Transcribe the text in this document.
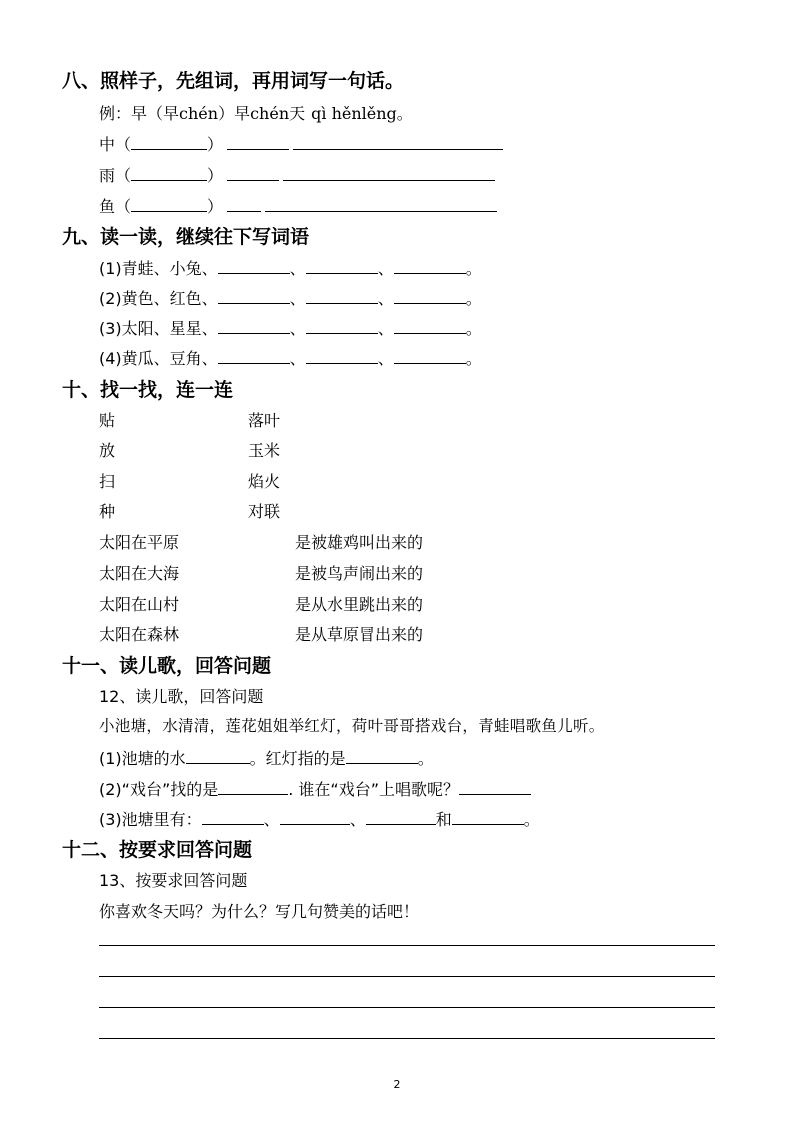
八、照样子，先组词，再用词写一句话。
例：早（早chén）早chén天 qì hěnlěng。
中（	）
雨（	）
鱼（	）
九、读一读，继续往下写词语
(1)青蛙、小兔、	、	、	。
(2)黄色、红色、	、	、	。
(3)太阳、星星、	、	、	。
(4)黄瓜、豆角、	、	、	。
十、找一找，连一连
贴	落叶
放	玉米
扫	焰火
种	对联
太阳在平原	是被雄鸡叫出来的
太阳在大海	是被鸟声闹出来的
太阳在山村	是从水里跳出来的
太阳在森林	是从草原冒出来的
十一、读儿歌，回答问题
12、读儿歌，回答问题
小池塘，水清清，莲花姐姐举红灯，荷叶哥哥搭戏台，青蛙唱歌鱼儿听。
(1)池塘的水	。红灯指的是	。
(2)“戏台”找的是	. 谁在“戏台”上唱歌呢？
(3)池塘里有：	、	、	和	。
十二、按要求回答问题
13、按要求回答问题
你喜欢冬天吗？为什么？写几句赞美的话吧！
2
